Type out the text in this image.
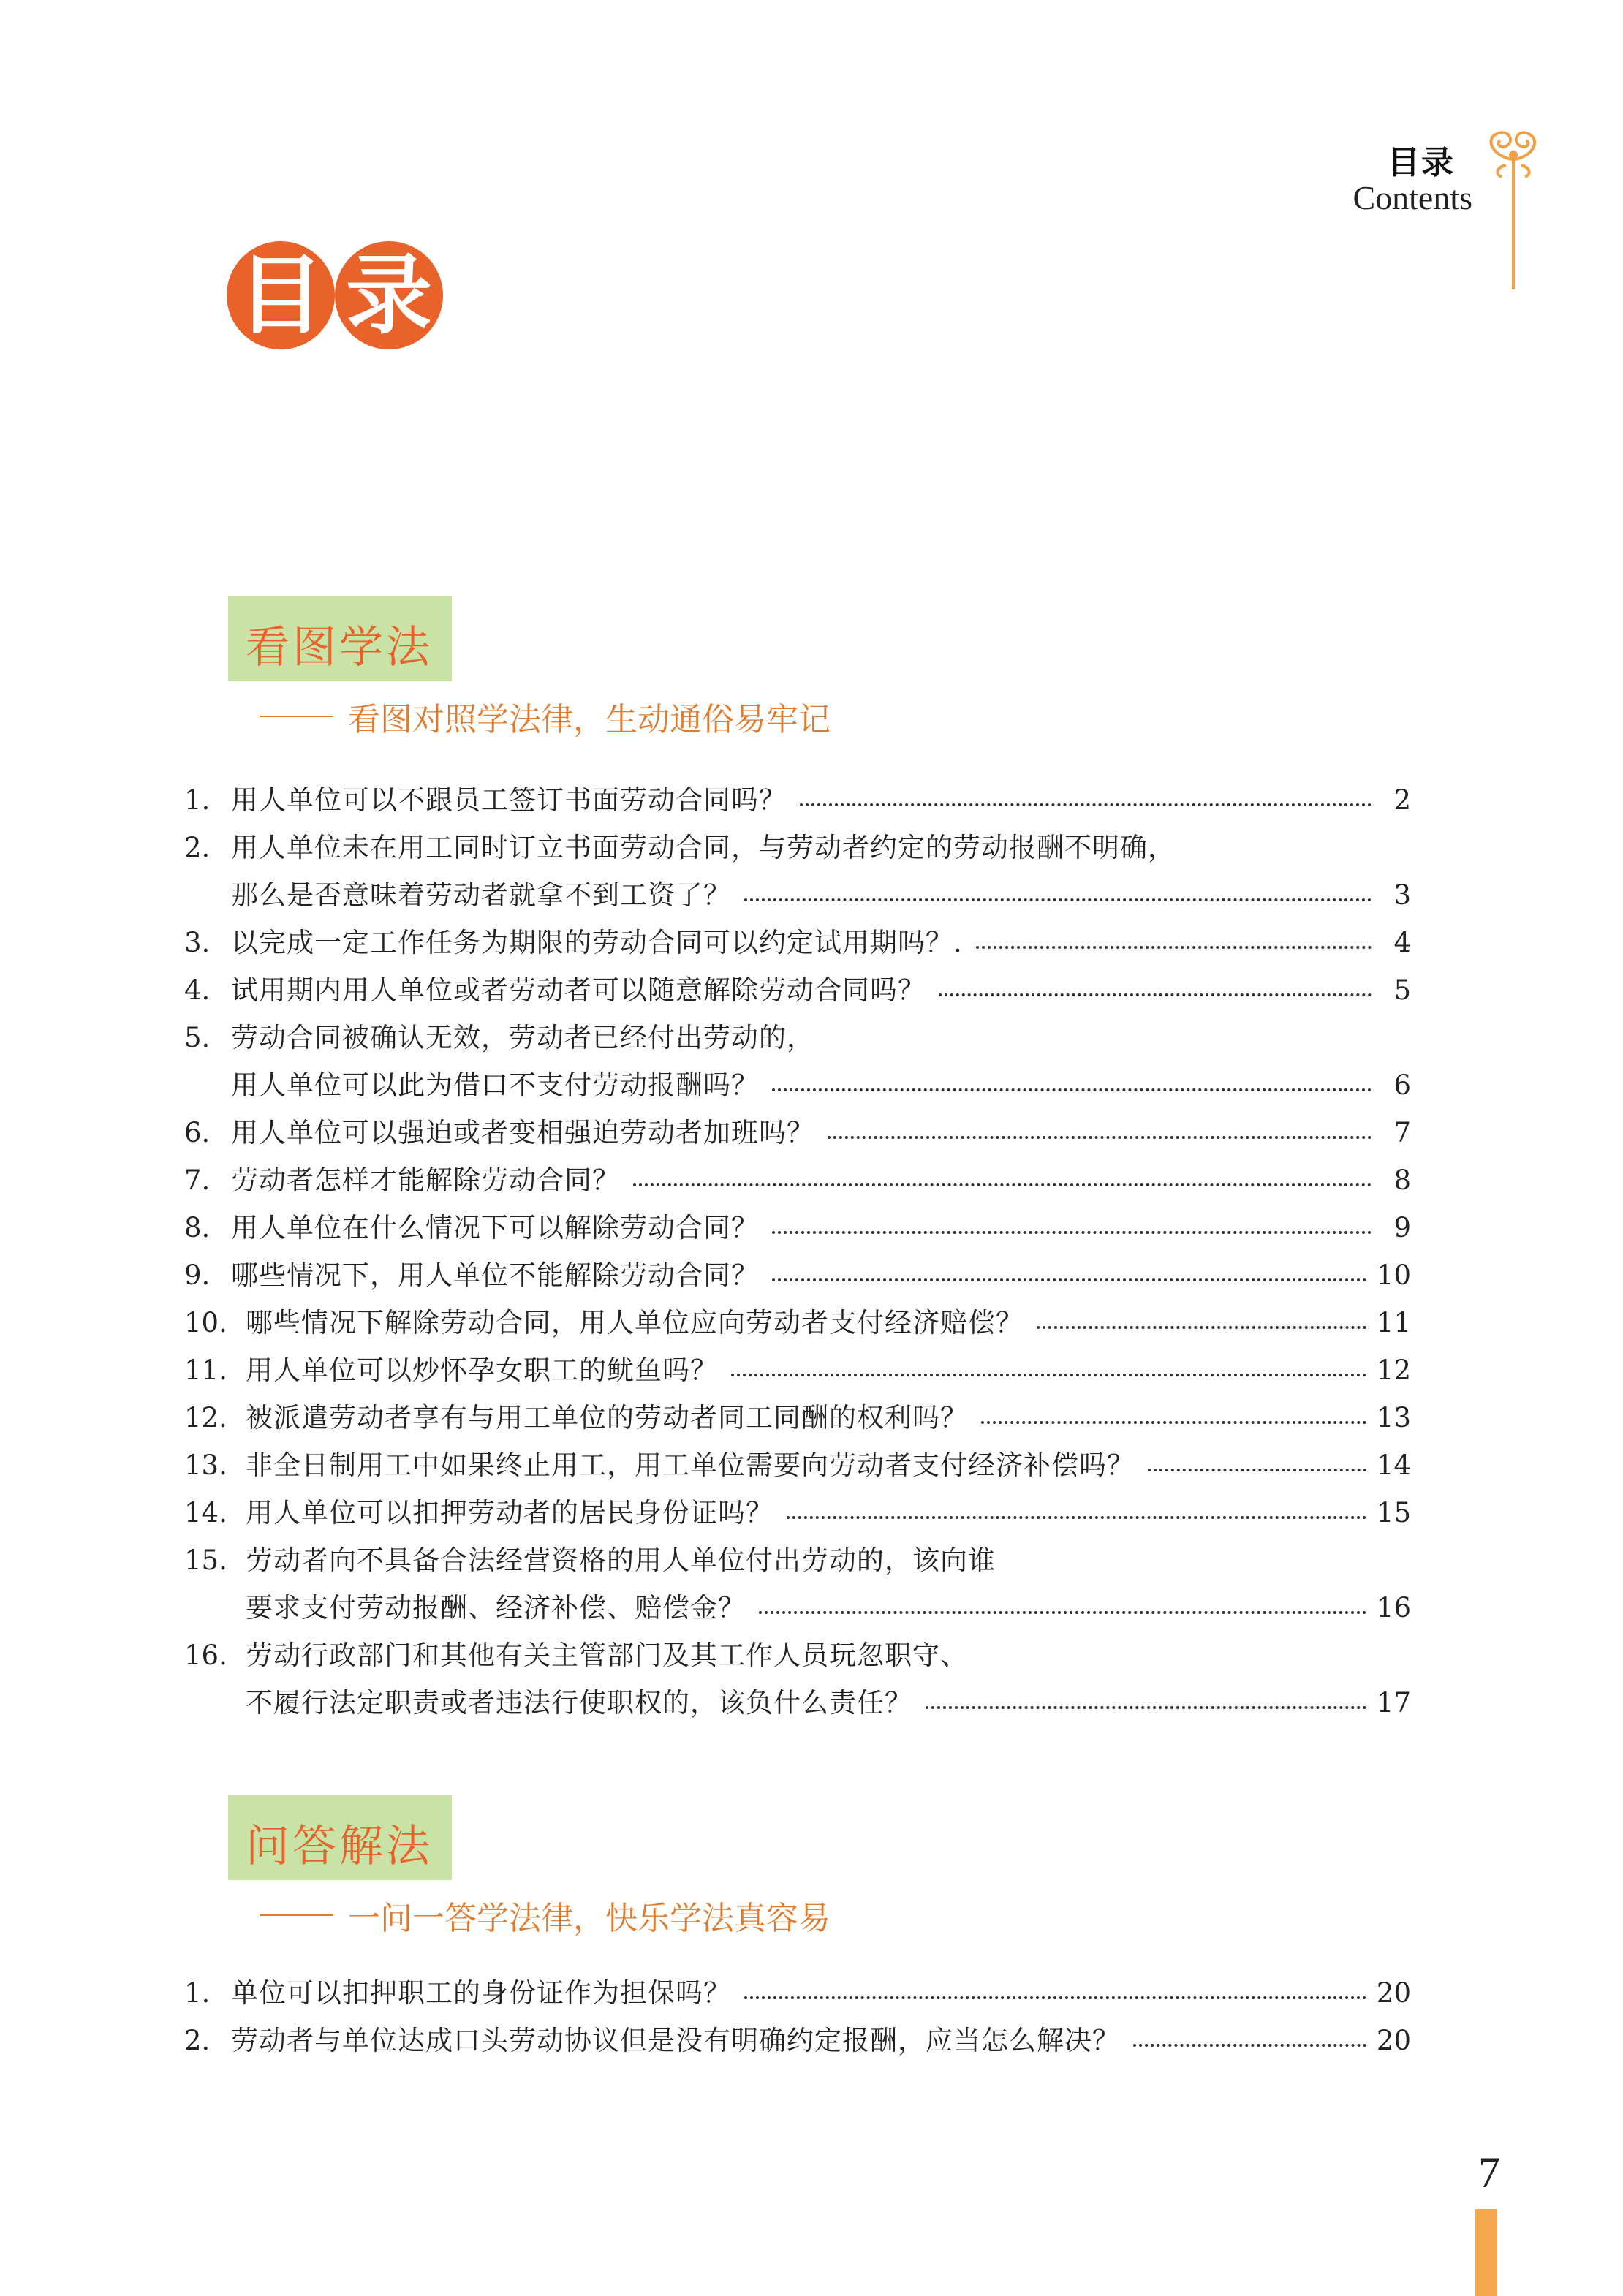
目录
Contents
目 录
看图学法
看图对照学法律，生动通俗易牢记
1. 用人单位可以不跟员工签订书面劳动合同吗？	2
2. 用人单位未在用工同时订立书面劳动合同，与劳动者约定的劳动报酬不明确，
那么是否意味着劳动者就拿不到工资了？	3
3. 以完成一定工作任务为期限的劳动合同可以约定试用期吗？.	4
4. 试用期内用人单位或者劳动者可以随意解除劳动合同吗？	5
5. 劳动合同被确认无效，劳动者已经付出劳动的，
用人单位可以此为借口不支付劳动报酬吗？	6
6. 用人单位可以强迫或者变相强迫劳动者加班吗？	7
7. 劳动者怎样才能解除劳动合同？	8
8. 用人单位在什么情况下可以解除劳动合同？	9
9. 哪些情况下，用人单位不能解除劳动合同？	10
10. 哪些情况下解除劳动合同，用人单位应向劳动者支付经济赔偿？	11
11. 用人单位可以炒怀孕女职工的鱿鱼吗？	12
12. 被派遣劳动者享有与用工单位的劳动者同工同酬的权利吗？	13
13. 非全日制用工中如果终止用工，用工单位需要向劳动者支付经济补偿吗？	14
14. 用人单位可以扣押劳动者的居民身份证吗？	15
15. 劳动者向不具备合法经营资格的用人单位付出劳动的，该向谁
要求支付劳动报酬、经济补偿、赔偿金？	16
16. 劳动行政部门和其他有关主管部门及其工作人员玩忽职守、
不履行法定职责或者违法行使职权的，该负什么责任？	17
问答解法
一问一答学法律，快乐学法真容易
1. 单位可以扣押职工的身份证作为担保吗？	20
2. 劳动者与单位达成口头劳动协议但是没有明确约定报酬，应当怎么解决？	20
7
